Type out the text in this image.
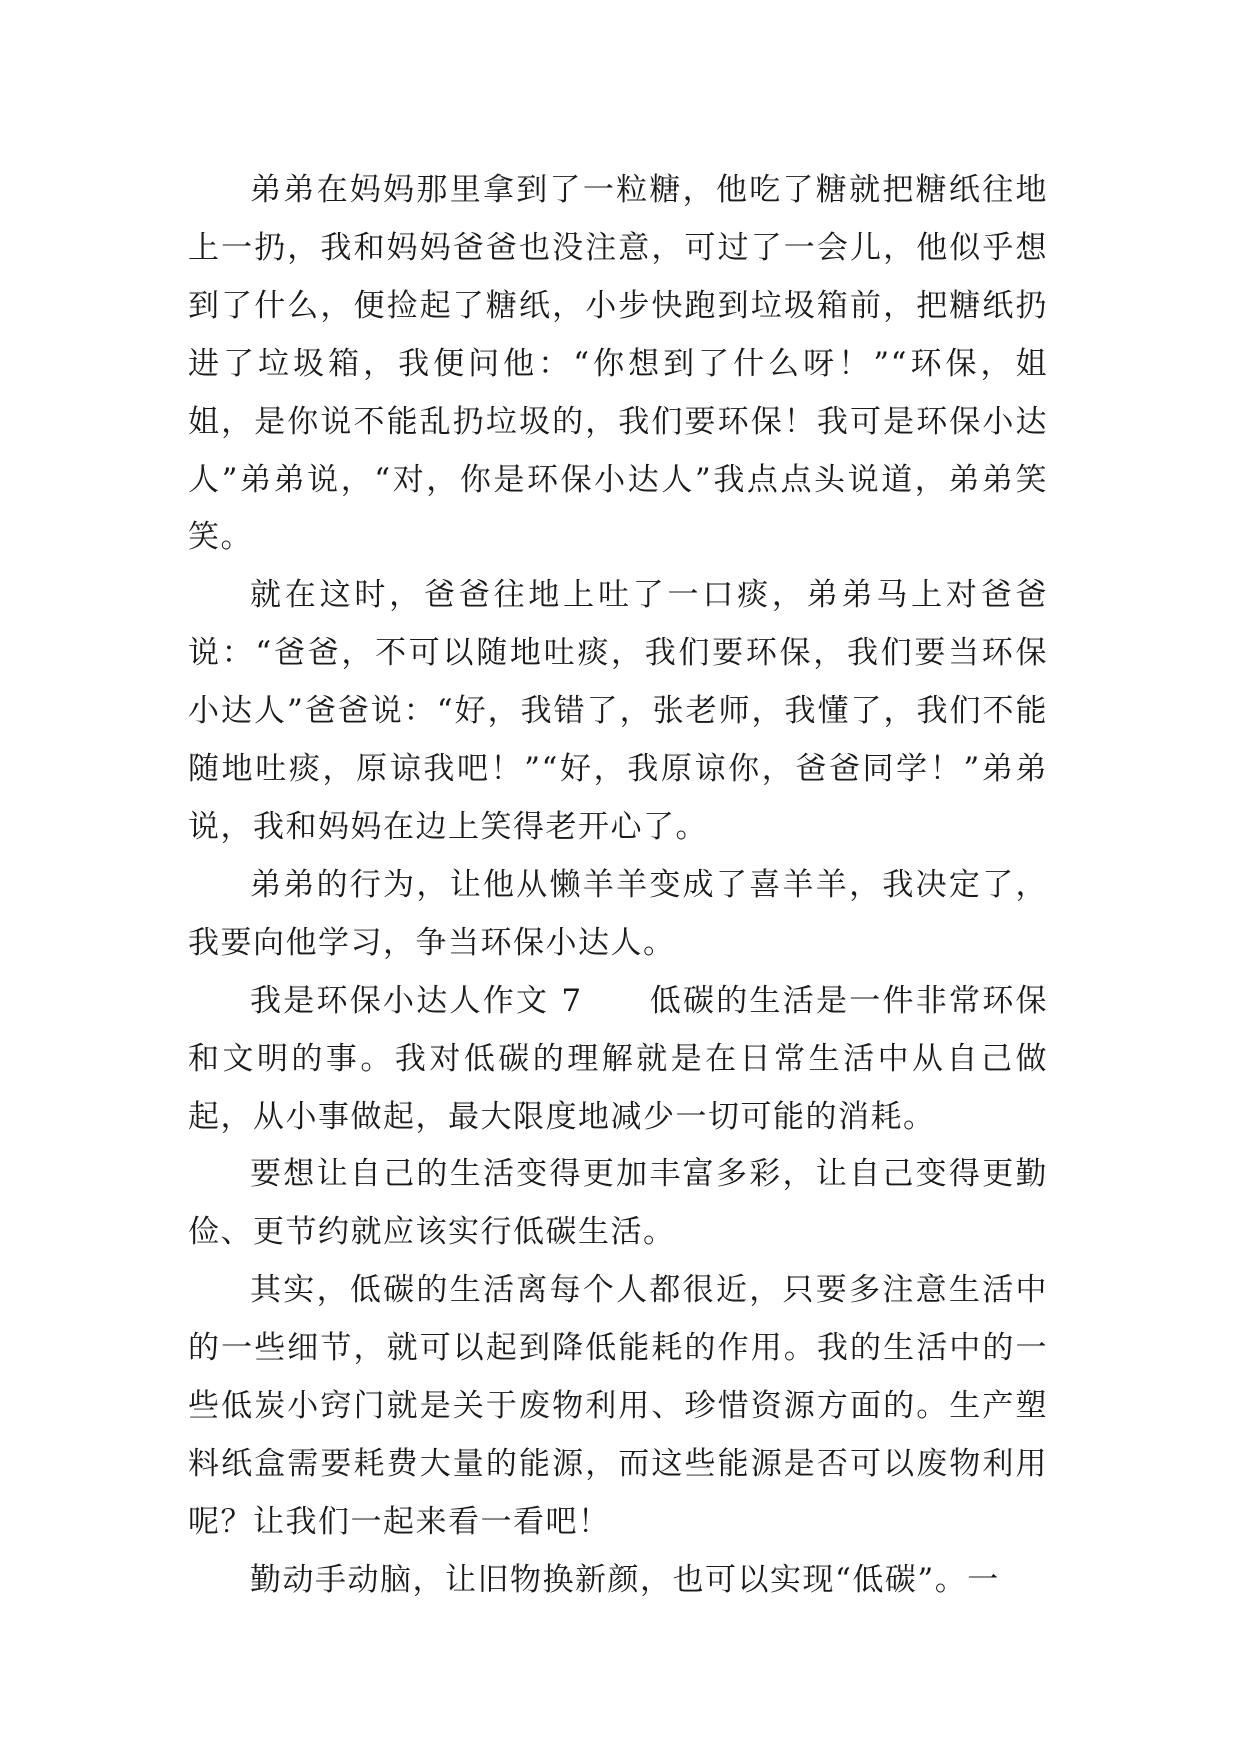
弟弟在妈妈那里拿到了一粒糖，他吃了糖就把糖纸往地上一扔，我和妈妈爸爸也没注意，可过了一会儿，他似乎想到了什么，便捡起了糖纸，小步快跑到垃圾箱前，把糖纸扔进了垃圾箱，我便问他：“你想到了什么呀！”“环保，姐姐，是你说不能乱扔垃圾的，我们要环保！我可是环保小达人”弟弟说，“对，你是环保小达人”我点点头说道，弟弟笑笑。

就在这时，爸爸往地上吐了一口痰，弟弟马上对爸爸说：“爸爸，不可以随地吐痰，我们要环保，我们要当环保小达人”爸爸说：“好，我错了，张老师，我懂了，我们不能随地吐痰，原谅我吧！”“好，我原谅你，爸爸同学！”弟弟说，我和妈妈在边上笑得老开心了。

弟弟的行为，让他从懒羊羊变成了喜羊羊，我决定了，我要向他学习，争当环保小达人。

我是环保小达人作文 7　　低碳的生活是一件非常环保和文明的事。我对低碳的理解就是在日常生活中从自己做起，从小事做起，最大限度地减少一切可能的消耗。

要想让自己的生活变得更加丰富多彩，让自己变得更勤俭、更节约就应该实行低碳生活。

其实，低碳的生活离每个人都很近，只要多注意生活中的一些细节，就可以起到降低能耗的作用。我的生活中的一些低炭小窍门就是关于废物利用、珍惜资源方面的。生产塑料纸盒需要耗费大量的能源，而这些能源是否可以废物利用呢？让我们一起来看一看吧！

勤动手动脑，让旧物换新颜，也可以实现“低碳”。一
